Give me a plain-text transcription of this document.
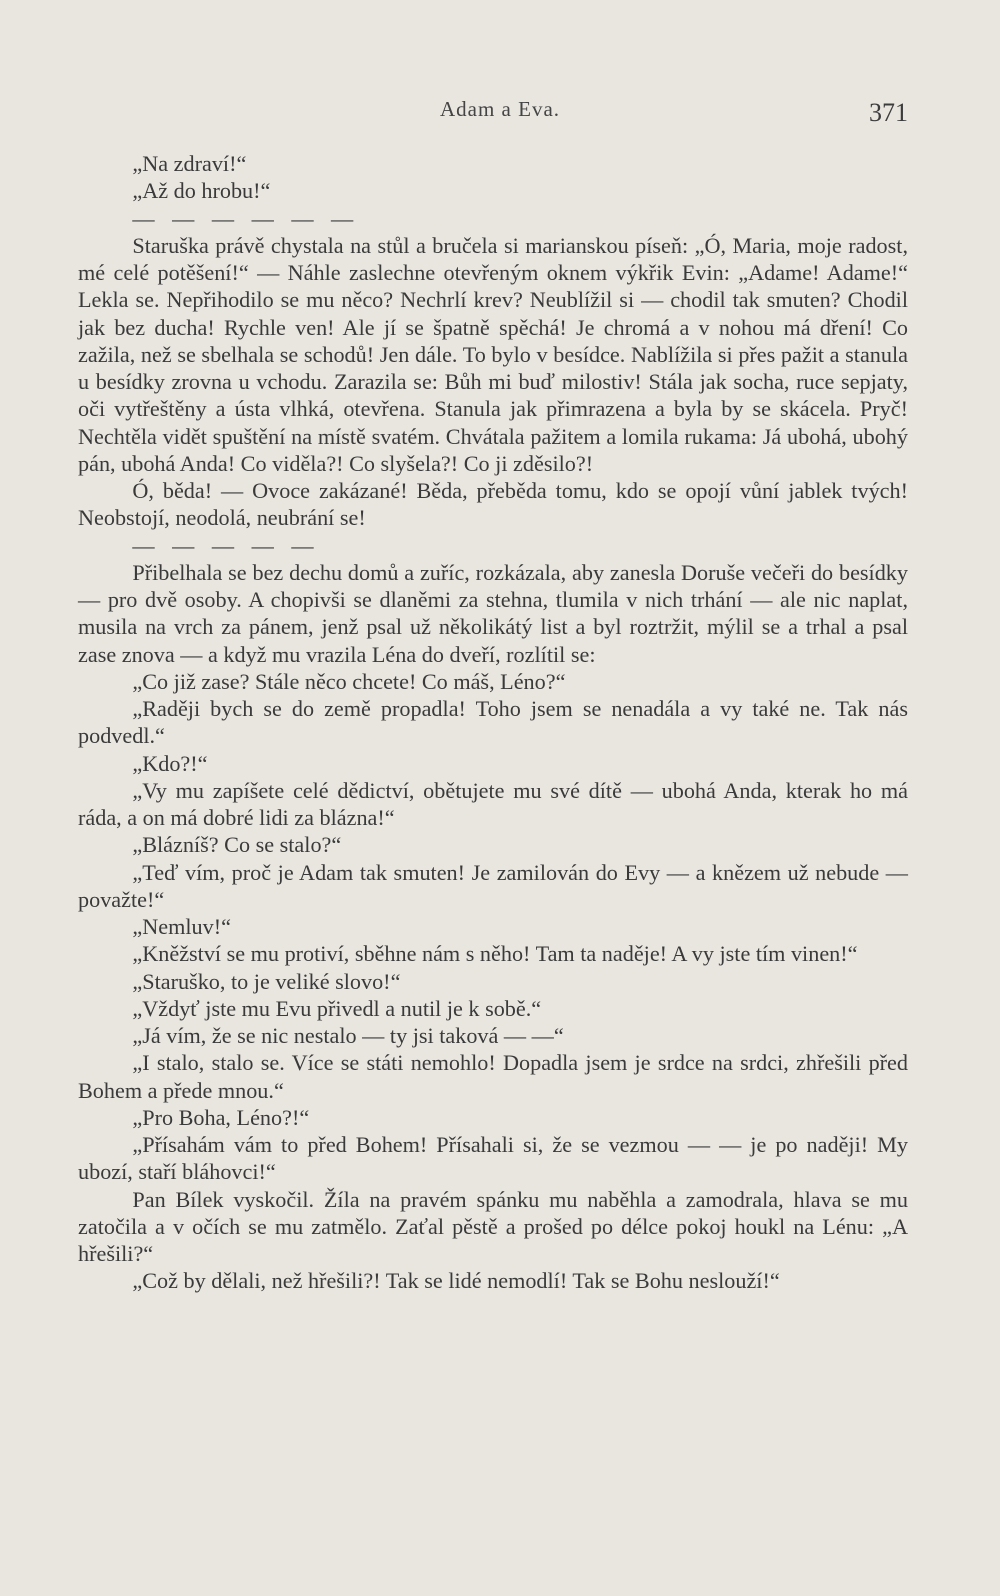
Adam a Eva.	371

„Na zdraví!“

„Až do hrobu!“

— — — — — —

Staruška právě chystala na stůl a bručela si marianskou píseň: „Ó, Maria, moje radost, mé celé potěšení!“ — Náhle zaslechne otevřeným oknem výkřik Evin: „Adame! Adame!“ Lekla se. Nepřihodilo se mu něco? Nechrlí krev? Neublížil si — chodil tak smuten? Chodil jak bez ducha! Rychle ven! Ale jí se špatně spěchá! Je chromá a v nohou má dření! Co zažila, než se sbelhala se schodů! Jen dále. To bylo v besídce. Nablížila si přes pažit a stanula u besídky zrovna u vchodu. Zarazila se: Bůh mi buď milostiv! Stála jak socha, ruce sepjaty, oči vytřeštěny a ústa vlhká, otevřena. Stanula jak přimrazena a byla by se skácela. Pryč! Nechtěla vidět spuštění na místě svatém. Chvátala pažitem a lomila rukama: Já ubohá, ubohý pán, ubohá Anda! Co viděla?! Co slyšela?! Co ji zděsilo?!

Ó, běda! — Ovoce zakázané! Běda, přeběda tomu, kdo se opojí vůní jablek tvých! Neobstojí, neodolá, neubrání se!

— — — — —

Přibelhala se bez dechu domů a zuříc, rozkázala, aby zanesla Doruše večeři do besídky — pro dvě osoby. A chopivši se dlaněmi za stehna, tlumila v nich trhání — ale nic naplat, musila na vrch za pánem, jenž psal už několikátý list a byl roztržit, mýlil se a trhal a psal zase znova — a když mu vrazila Léna do dveří, rozlítil se:

„Co již zase? Stále něco chcete! Co máš, Léno?“

„Raději bych se do země propadla! Toho jsem se nenadála a vy také ne. Tak nás podvedl.“

„Kdo?!“

„Vy mu zapíšete celé dědictví, obětujete mu své dítě — ubohá Anda, kterak ho má ráda, a on má dobré lidi za blázna!“

„Blázníš? Co se stalo?“

„Teď vím, proč je Adam tak smuten! Je zamilován do Evy — a knězem už nebude — považte!“

„Nemluv!“

„Kněžství se mu protiví, sběhne nám s něho! Tam ta naděje! A vy jste tím vinen!“

„Staruško, to je veliké slovo!“

„Vždyť jste mu Evu přivedl a nutil je k sobě.“

„Já vím, že se nic nestalo — ty jsi taková — —“

„I stalo, stalo se. Více se státi nemohlo! Dopadla jsem je srdce na srdci, zhřešili před Bohem a přede mnou.“

„Pro Boha, Léno?!“

„Přísahám vám to před Bohem! Přísahali si, že se vezmou — — je po naději! My ubozí, staří bláhovci!“

Pan Bílek vyskočil. Žíla na pravém spánku mu naběhla a zamodrala, hlava se mu zatočila a v očích se mu zatmělo. Zaťal pěstě a prošed po délce pokoj houkl na Lénu: „A hřešili?“

„Což by dělali, než hřešili?! Tak se lidé nemodlí! Tak se Bohu neslouží!“
